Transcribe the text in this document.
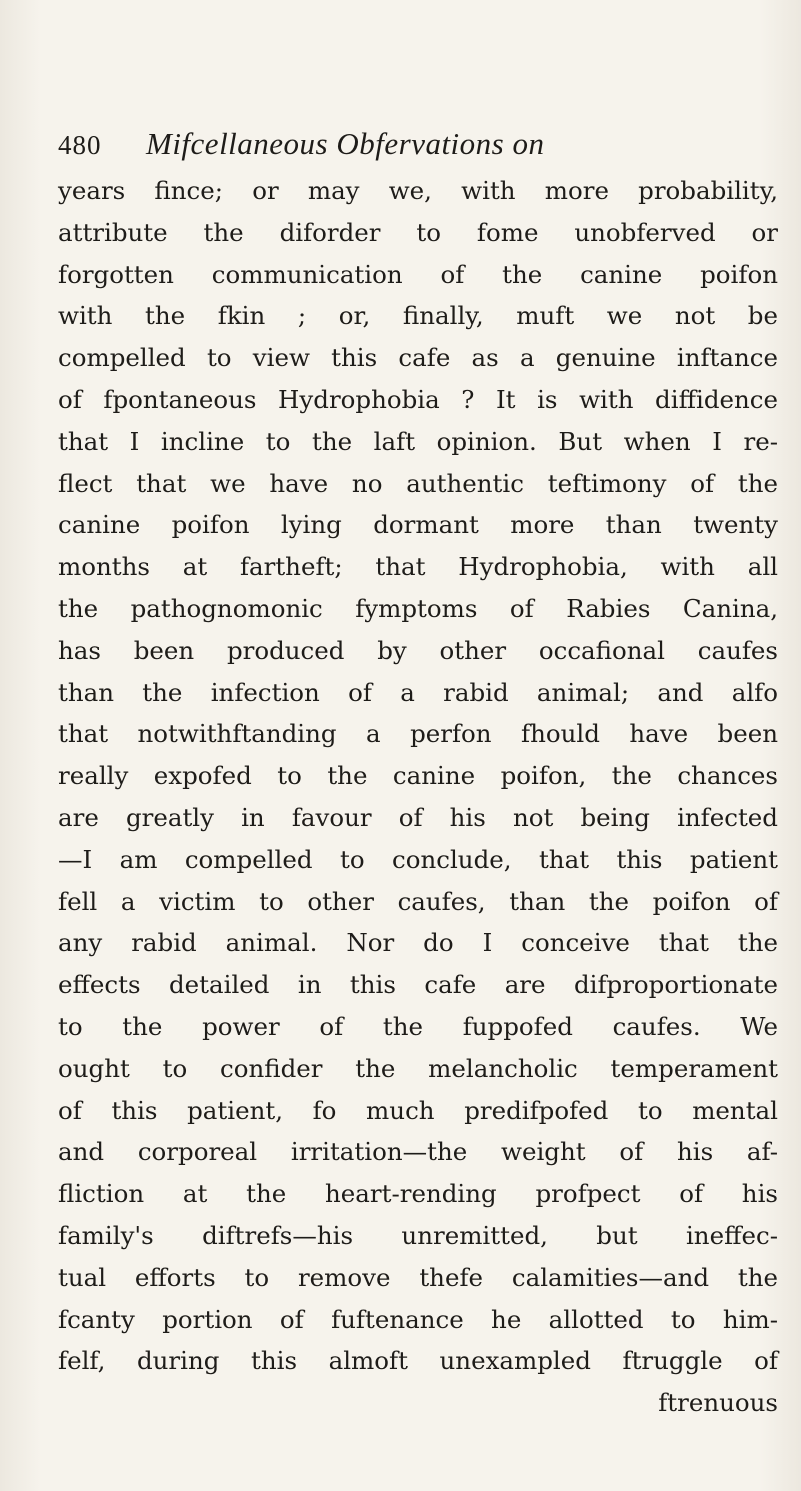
480 Mifcellaneous Obfervations on
years fince; or may we, with more probability,
attribute the diforder to fome unobferved or
forgotten communication of the canine poifon
with the fkin ; or, finally, muft we not be
compelled to view this cafe as a genuine inftance
of fpontaneous Hydrophobia ? It is with diffidence
that I incline to the laft opinion. But when I re-
flect that we have no authentic teftimony of the
canine poifon lying dormant more than twenty
months at fartheft; that Hydrophobia, with all
the pathognomonic fymptoms of Rabies Canina,
has been produced by other occafional caufes
than the infection of a rabid animal; and alfo
that notwithftanding a perfon fhould have been
really expofed to the canine poifon, the chances
are greatly in favour of his not being infected
—I am compelled to conclude, that this patient
fell a victim to other caufes, than the poifon of
any rabid animal. Nor do I conceive that the
effects detailed in this cafe are difproportionate
to the power of the fuppofed caufes. We
ought to confider the melancholic temperament
of this patient, fo much predifpofed to mental
and corporeal irritation—the weight of his af-
fliction at the heart-rending profpect of his
family's diftrefs—his unremitted, but ineffec-
tual efforts to remove thefe calamities—and the
fcanty portion of fuftenance he allotted to him-
felf, during this almoft unexampled ftruggle of
ftrenuous
